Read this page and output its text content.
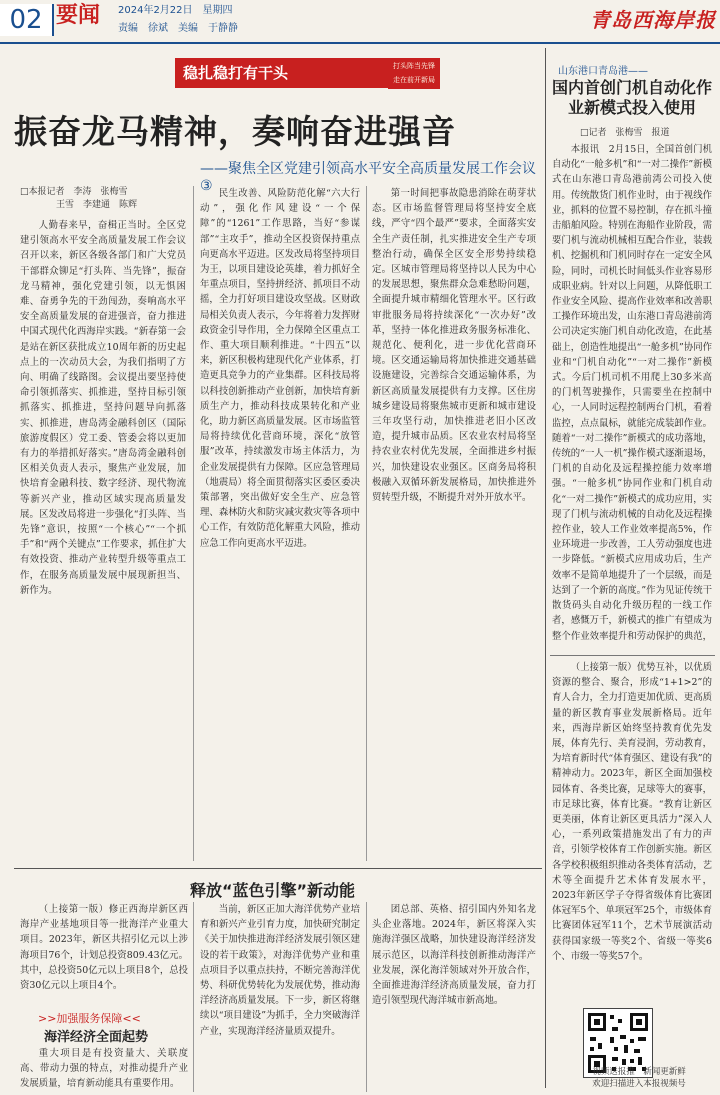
02 要闻 2024年2月22日　星期四
责编　徐斌　美编　于静静	青岛西海岸报
稳扎稳打有干头	打头阵当先锋
走在前开新局
振奋龙马精神，奏响奋进强音
——聚焦全区党建引领高水平安全高质量发展工作会议③
□本报记者　李涛　张梅雪
王雪　李建通　陈辉

人勤春来早，奋楫正当时。全区党建引领高水平安全高质量发展工作会议召开以来，新区各级各部门和广大党员干部群众铆足“打头阵、当先锋”，振奋龙马精神，强化党建引领，以无惧困难、奋勇争先的干劲闯劲，奏响高水平安全高质量发展的奋进强音，奋力推进中国式现代化西海岸实践。“新春第一会是站在新区获批成立10周年新的历史起点上的一次动员大会，为我们指明了方向、明确了线路图。会议提出要坚持使命引领抓落实、抓推进，坚持目标引领抓落实、抓推进，坚持问题导向抓落实、抓推进，唐岛湾金融科创区（国际旅游度假区）党工委、管委会将以更加有力的举措抓好落实。”唐岛湾金融科创区相关负责人表示，聚焦产业发展，加快培育金融科技、数字经济、现代物流等新兴产业，推动区域实现高质量发展。区发改局将进一步强化“打头阵、当先锋”意识，按照“一个核心”“一个抓手”和“两个关键点”工作要求，抓住扩大有效投资、推动产业转型升级等重点工作，在服务高质量发展中展现新担当、新作为。

民生改善、风险防范化解“六大行动”，强化作风建设“一个保障”的“1261”工作思路，当好“参谋部”“主攻手”，推动全区投资保持重点向更高水平迈进。区发改局将坚持项目为王，以项目建设论英雄，着力抓好全年重点项目，坚持拼经济、抓项目不动摇，全力打好项目建设攻坚战。区财政局相关负责人表示，今年将着力发挥财政资金引导作用，全力保障全区重点工作、重大项目顺利推进。“十四五”以来，新区积极构建现代化产业体系，打造更具竞争力的产业集群。区科技局将以科技创新推动产业创新，加快培育新质生产力，推动科技成果转化和产业化，助力新区高质量发展。区市场监管局将持续优化营商环境，深化“放管服”改革，持续激发市场主体活力，为企业发展提供有力保障。区应急管理局（地震局）将全面贯彻落实区委区委决策部署，突出做好安全生产、应急管理、森林防火和防灾减灾救灾等各项中心工作，有效防范化解重大风险，推动应急工作向更高水平迈进。

第一时间把事故隐患消除在萌芽状态。区市场监督管理局将坚持安全底线，严守“四个最严”要求，全面落实安全生产责任制，扎实推进安全生产专项整治行动，确保全区安全形势持续稳定。区城市管理局将坚持以人民为中心的发展思想，聚焦群众急难愁盼问题，全面提升城市精细化管理水平。区行政审批服务局将持续深化“一次办好”改革，坚持一体化推进政务服务标准化、规范化、便利化，进一步优化营商环境。区交通运输局将加快推进交通基础设施建设，完善综合交通运输体系，为新区高质量发展提供有力支撑。区住房城乡建设局将聚焦城市更新和城市建设三年攻坚行动，加快推进老旧小区改造，提升城市品质。区农业农村局将坚持农业农村优先发展，全面推进乡村振兴，加快建设农业强区。区商务局将积极融入双循环新发展格局，加快推进外贸转型升级，不断提升对外开放水平。

山东港口青岛港——
国内首创门机自动化作业新模式投入使用
□记者　张梅雪　报道

本报讯　2月15日，全国首创门机自动化“一舱多机”和“一对二操作”新模式在山东港口青岛港前湾公司投入使用。传统散货门机作业时，由于视线作业，抓料的位置不易控制，存在抓斗撞击船舶风险。特别在海船作业阶段，需要门机与流动机械相互配合作业，装载机、挖掘机和门机同时存在一定安全风险，同时，司机长时间低头作业容易形成职业病。针对以上问题，从降低职工作业安全风险、提高作业效率和改善职工操作环境出发，山东港口青岛港前湾公司决定实施门机自动化改造，在此基础上，创造性地提出“一舱多机”协同作业和“门机自动化”“一对二操作”新模式。今后门机司机不用爬上30多米高的门机驾驶操作，只需要坐在控制中心，一人同时远程控制两台门机，看着监控，点点鼠标，就能完成装卸作业。随着“一对二操作”新模式的成功落地，传统的“一人一机”操作模式逐渐退场，门机的自动化及远程操控能力效率增强。“一舱多机”协同作业和门机自动化“一对二操作”新模式的成功应用，实现了门机与流动机械的自动化及远程操控作业，较人工作业效率提高5%，作业环境进一步改善，工人劳动强度也进一步降低。“新模式应用成功后，生产效率不是简单地提升了一个层级，而是达到了一个新的高度。”作为见证传统干散货码头自动化升级历程的一线工作者，感慨万千，新模式的推广有望成为整个作业效率提升和劳动保护的典范，

（上接第一版）优势互补，以优质资源的整合、聚合，形成“1+1>2”的育人合力，全力打造更加优质、更高质量的新区教育事业发展新格局。近年来，西海岸新区始终坚持教育优先发展，体育先行、美育浸润，劳动教育，为培育新时代“体育强区、建设有我”的精神动力。2023年，新区全面加强校园体育、各类比赛，足球等大的赛事，市足球比赛，体育比赛。“教育让新区更美丽，体育让新区更具活力”深入人心，一系列政策措施发出了有力的声音，引领学校体育工作创新实施。新区各学校积极组织推动各类体育活动，艺术等全面提升艺术体育发展水平，2023年新区学子夺得省级体育比赛团体冠军5个、单项冠军25个，市级体育比赛团体冠军11个，艺术节展演活动获得国家级一等奖2个、省级一等奖6个、市级一等奖57个。

视频送报推　新闻更新鲜
欢迎扫描进入本报视频号
释放“蓝色引擎”新动能

（上接第一版）修正西海岸新区西海岸产业基地项目等一批海洋产业重大项目。2023年，新区共招引亿元以上涉海项目76个，计划总投资809.43亿元。其中，总投资50亿元以上项目8个，总投资30亿元以上项目4个。

>>加强服务保障<<
海洋经济全面起势

重大项目是有投资量大、关联度高、带动力强的特点，对推动提升产业发展质量，培育新动能具有重要作用。

当前，新区正加大海洋优势产业培育和新兴产业引育力度，加快研究制定《关于加快推进海洋经济发展引领区建设的若干政策》，对海洋优势产业和重点项目予以重点扶持，不断完善海洋优势、科研优势转化为发展优势，推动海洋经济高质量发展。下一步，新区将继续以“项目建设”为抓手，全力突破海洋产业，实现海洋经济量质双提升。

团总部、英格、招引国内外知名龙头企业落地。2024年，新区将深入实施海洋强区战略，加快建设海洋经济发展示范区，以海洋科技创新推动海洋产业发展，深化海洋领域对外开放合作，全面推进海洋经济高质量发展，奋力打造引领型现代海洋城市新高地。
